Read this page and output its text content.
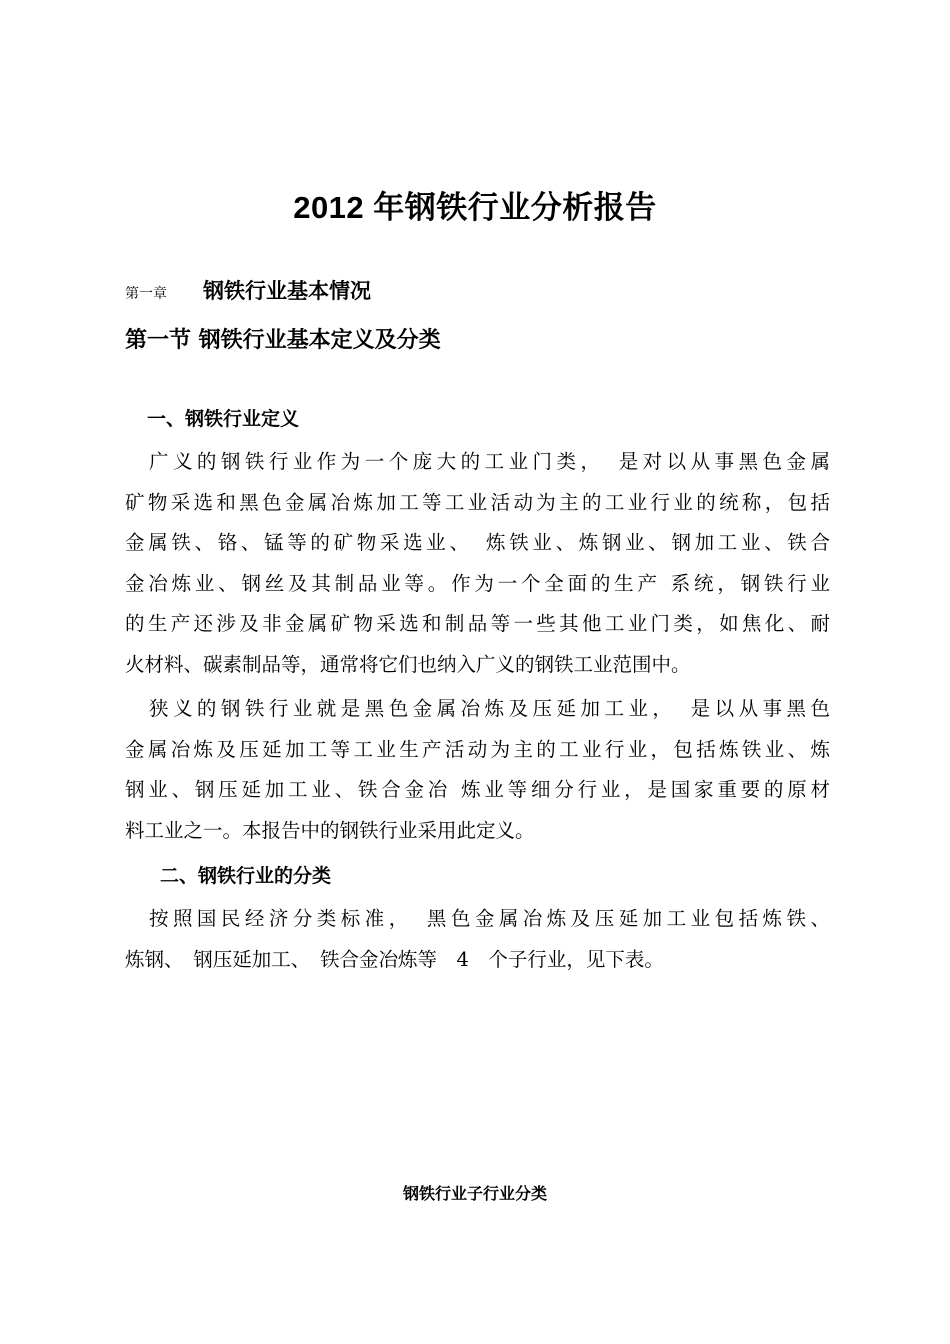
2012 年钢铁行业分析报告
第一章 钢铁行业基本情况
第一节 钢铁行业基本定义及分类
一、钢铁行业定义
　广义的钢铁行业作为一个庞大的工业门类，　是对以从事黑色金属
矿物采选和黑色金属冶炼加工等工业活动为主的工业行业的统称，包括
金属铁、铬、锰等的矿物采选业、　炼铁业、炼钢业、钢加工业、铁合
金冶炼业、钢丝及其制品业等。作为一个全面的生产 系统，钢铁行业
的生产还涉及非金属矿物采选和制品等一些其他工业门类，如焦化、耐
火材料、碳素制品等，通常将它们也纳入广义的钢铁工业范围中。
　狭义的钢铁行业就是黑色金属冶炼及压延加工业，　是以从事黑色
金属冶炼及压延加工等工业生产活动为主的工业行业，包括炼铁业、炼
钢业、钢压延加工业、铁合金冶 炼业等细分行业，是国家重要的原材
料工业之一。本报告中的钢铁行业采用此定义。
二、钢铁行业的分类
　按照国民经济分类标准，　黑色金属冶炼及压延加工业包括炼铁、
炼钢、　钢压延加工、　铁合金冶炼等　4　个子行业，见下表。
钢铁行业子行业分类
